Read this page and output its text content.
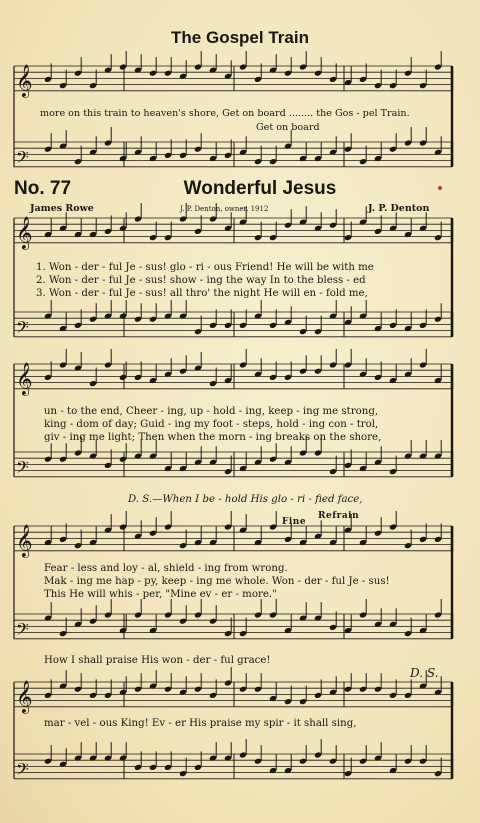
𝄞
𝄢
𝄞
𝄢
𝄞
𝄢
𝄞
𝄢
𝄞
𝄢
The Gospel Train
more on this train to heaven's shore, Get on board ........ the Gos - pel Train.
Get on board
No. 77	Wonderful Jesus
James Rowe	J. P. Denton, owner. 1912	J. P. Denton
1. Won - der - ful Je - sus! glo - ri - ous Friend! He will be with me
2. Won - der - ful Je - sus! show - ing the way In to the bless - ed
3. Won - der - ful Je - sus! all thro' the night He will en - fold me,
un - to the end, Cheer - ing, up - hold - ing, keep - ing me strong,
king - dom of day; Guid - ing my foot - steps, hold - ing con - trol,
giv - ing me light; Then when the morn - ing breaks on the shore,
D. S.—When I be - hold His glo - ri - fied face,
Fine
Refrain
Fear - less and loy - al, shield - ing from wrong.
Mak - ing me hap - py, keep - ing me whole. Won - der - ful Je - sus!
This He will whis - per, "Mine ev - er - more."
How I shall praise His won - der - ful grace!
D. S.
mar - vel - ous King! Ev - er His praise my spir - it shall sing,
